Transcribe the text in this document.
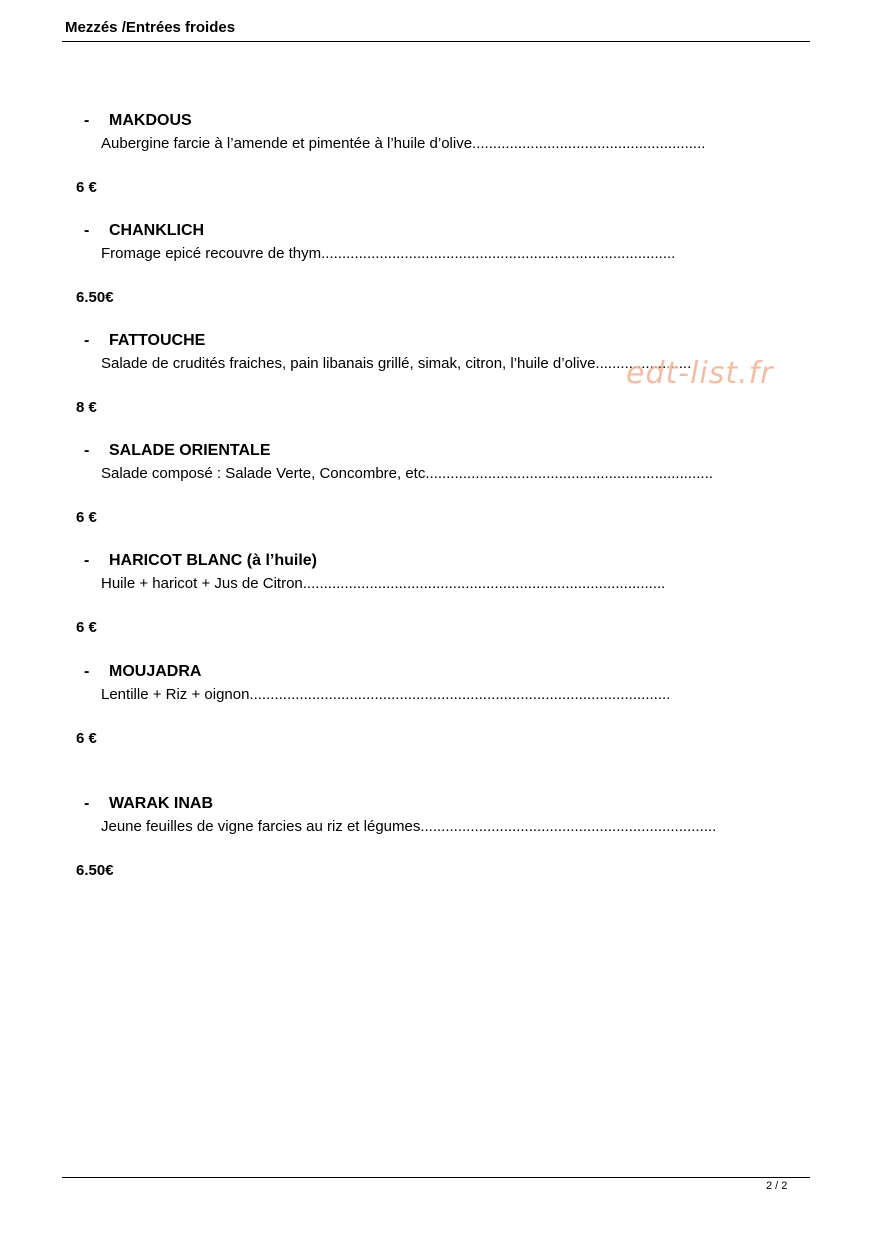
Mezzés /Entrées froides
- MAKDOUS
Aubergine farcie à l’amende et pimentée à l’huile d’olive........................................................
6 €
- CHANKLICH
Fromage epicé recouvre de thym.....................................................................................
6.50€
- FATTOUCHE
Salade de crudités fraiches, pain libanais grillé, simak, citron, l’huile d’olive.......................
8 €
- SALADE ORIENTALE
Salade composé : Salade Verte, Concombre, etc.....................................................................
6 €
- HARICOT BLANC (à l’huile)
Huile + haricot + Jus de Citron.......................................................................................
6 €
- MOUJADRA
Lentille + Riz + oignon.....................................................................................................
6 €
- WARAK INAB
Jeune feuilles de vigne farcies au riz et légumes.......................................................................
6.50€
edt-list.fr
2 / 2
